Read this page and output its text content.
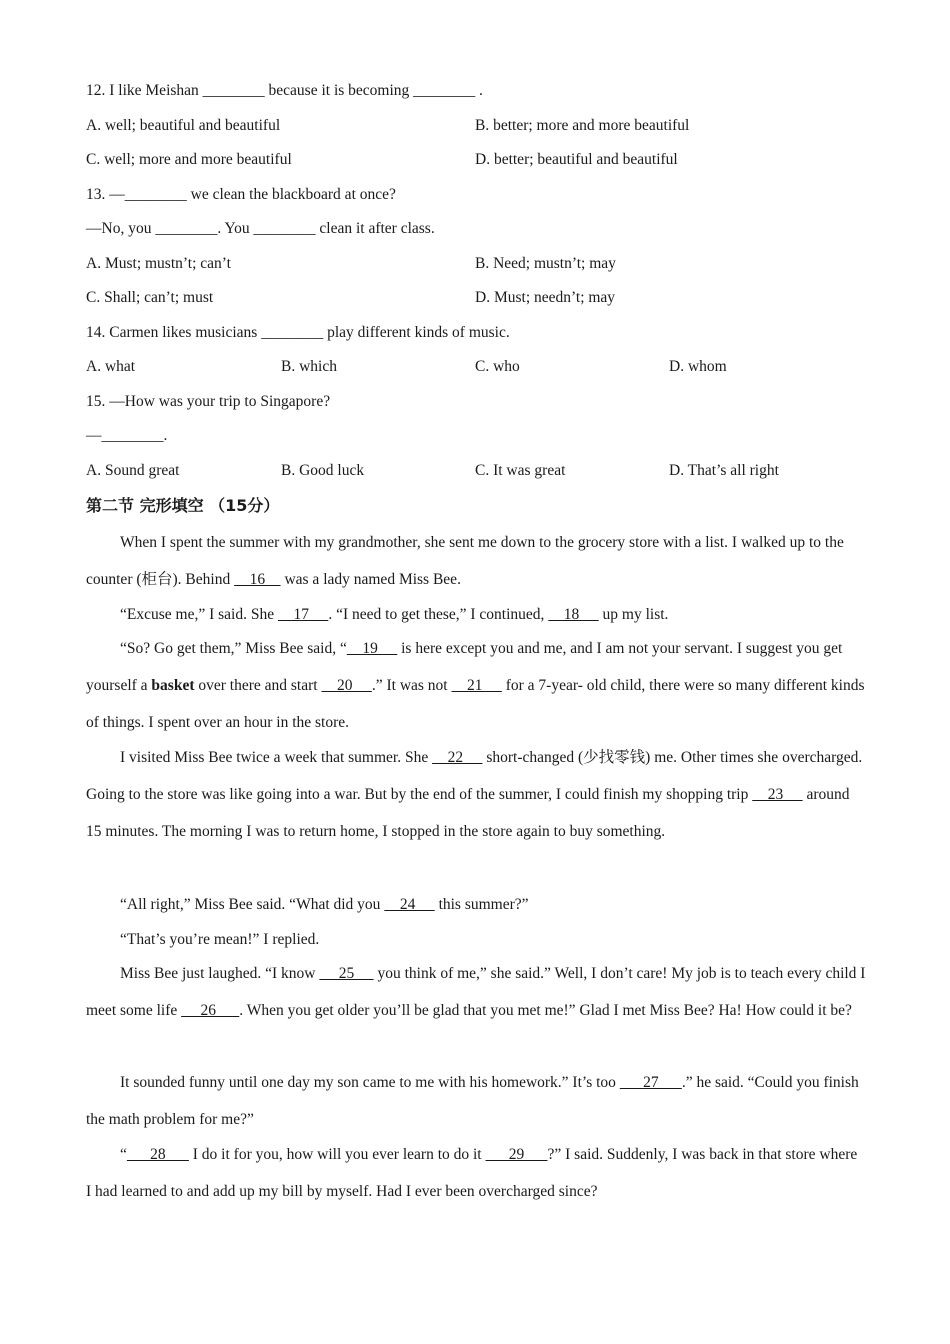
12. I like Meishan ________ because it is becoming ________ .
A. well; beautiful and beautiful	B. better; more and more beautiful
C. well; more and more beautiful	D. better; beautiful and beautiful
13. —________ we clean the blackboard at once?
—No, you ________. You ________ clean it after class.
A. Must; mustn’t; can’t	B. Need; mustn’t; may
C. Shall; can’t; must	D. Must; needn’t; may
14. Carmen likes musicians ________ play different kinds of music.
A. what	B. which	C. who	D. whom
15. —How was your trip to Singapore?
—________.
A. Sound great	B. Good luck	C. It was great	D. That’s all right
第二节 完形填空 （15分）
When I spent the summer with my grandmother, she sent me down to the grocery store with a list. I walked up to the counter (柜台). Behind     16     was a lady named Miss Bee.
“Excuse me,” I said. She     17     . “I need to get these,” I continued,     18      up my list.
“So? Go get them,” Miss Bee said, “    19      is here except you and me, and I am not your servant. I suggest you get yourself a basket over there and start     20     .” It was not     21      for a 7-year- old child, there were so many different kinds of things. I spent over an hour in the store.
I visited Miss Bee twice a week that summer. She     22      short-changed (少找零钱) me. Other times she overcharged. Going to the store was like going into a war. But by the end of the summer, I could finish my shopping trip     23      around 15 minutes. The morning I was to return home, I stopped in the store again to buy something.
“All right,” Miss Bee said. “What did you     24      this summer?”
“That’s you’re mean!” I replied.
Miss Bee just laughed. “I know      25      you think of me,” she said.” Well, I don’t care! My job is to teach every child I meet some life      26      . When you get older you’ll be glad that you met me!” Glad I met Miss Bee? Ha! How could it be?
It sounded funny until one day my son came to me with his homework.” It’s too       27      .” he said. “Could you finish the math problem for me?”
“      28       I do it for you, how will you ever learn to do it       29      ?” I said. Suddenly, I was back in that store where I had learned to and add up my bill by myself. Had I ever been overcharged since?
